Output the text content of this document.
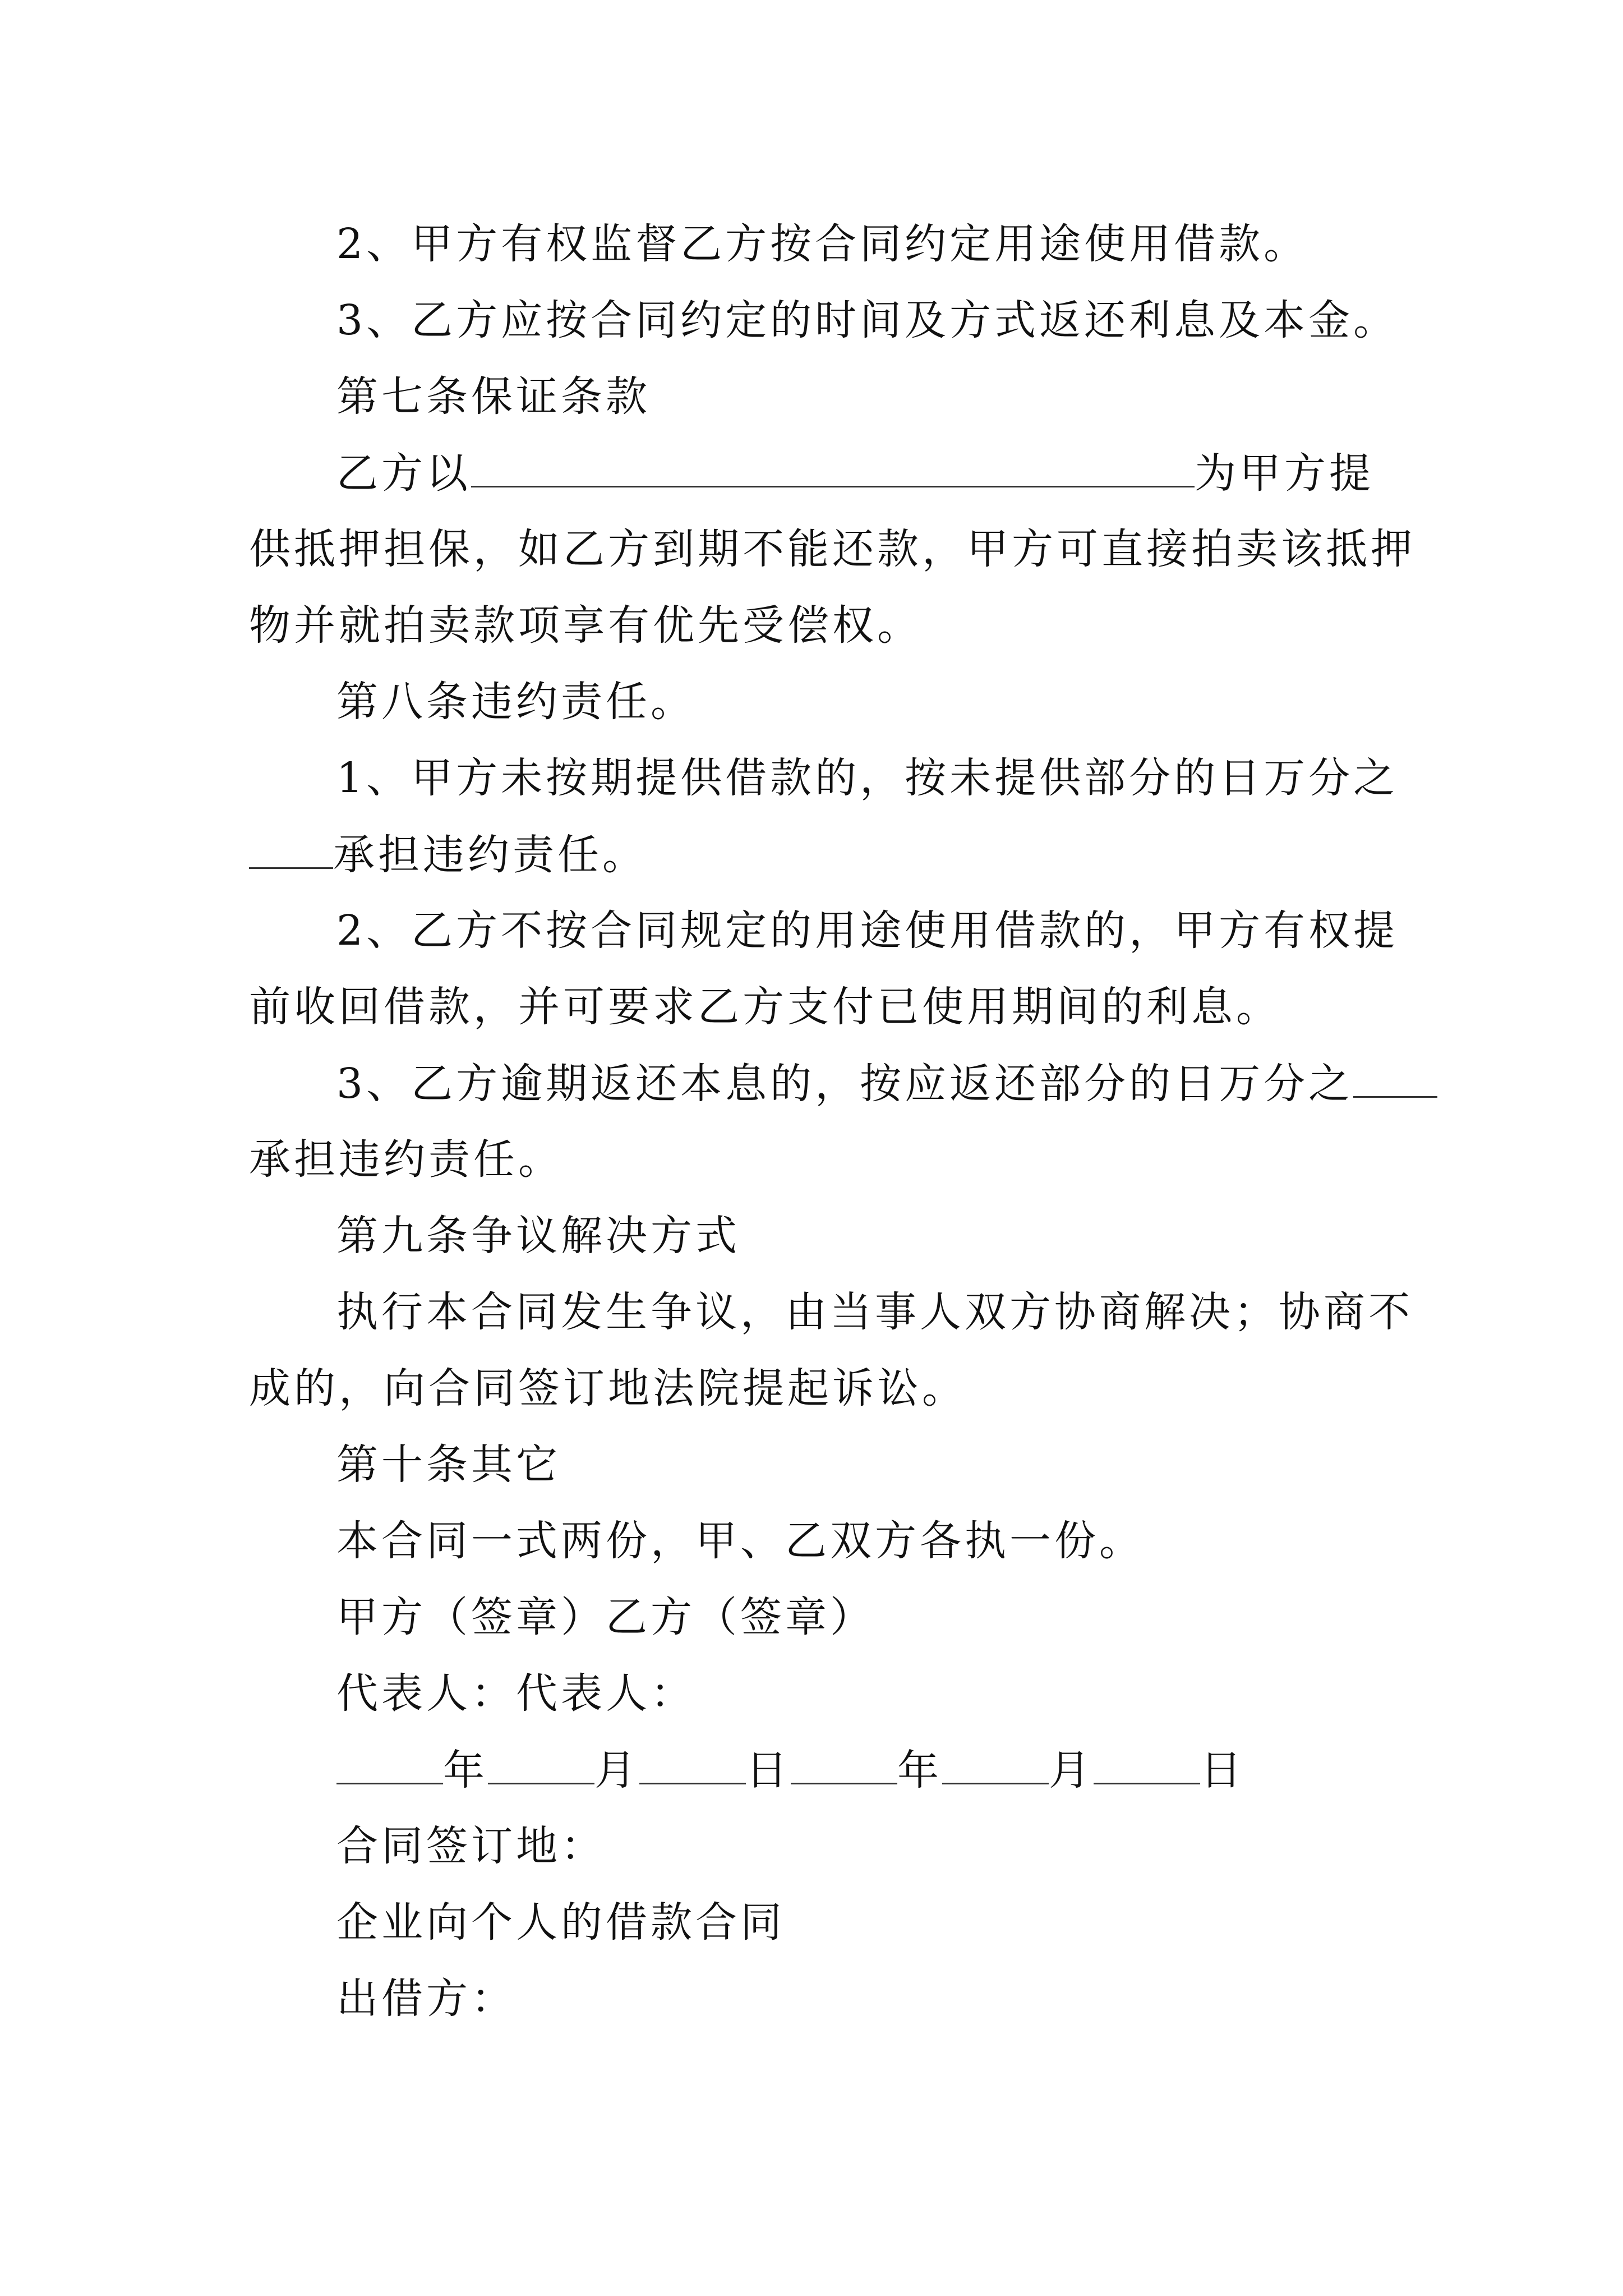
2、甲方有权监督乙方按合同约定用途使用借款。
3、乙方应按合同约定的时间及方式返还利息及本金。
第七条保证条款
乙方以	为甲方提
供抵押担保，如乙方到期不能还款，甲方可直接拍卖该抵押
物并就拍卖款项享有优先受偿权。
第八条违约责任。
1、甲方未按期提供借款的，按未提供部分的日万分之
承担违约责任。
2、乙方不按合同规定的用途使用借款的，甲方有权提
前收回借款，并可要求乙方支付已使用期间的利息。
3、乙方逾期返还本息的，按应返还部分的日万分之
承担违约责任。
第九条争议解决方式
执行本合同发生争议，由当事人双方协商解决；协商不
成的，向合同签订地法院提起诉讼。
第十条其它
本合同一式两份，甲、乙双方各执一份。
甲方（签章）乙方（签章）
代表人：代表人：
年	月	日	年	月	日
合同签订地：
企业向个人的借款合同
出借方：
